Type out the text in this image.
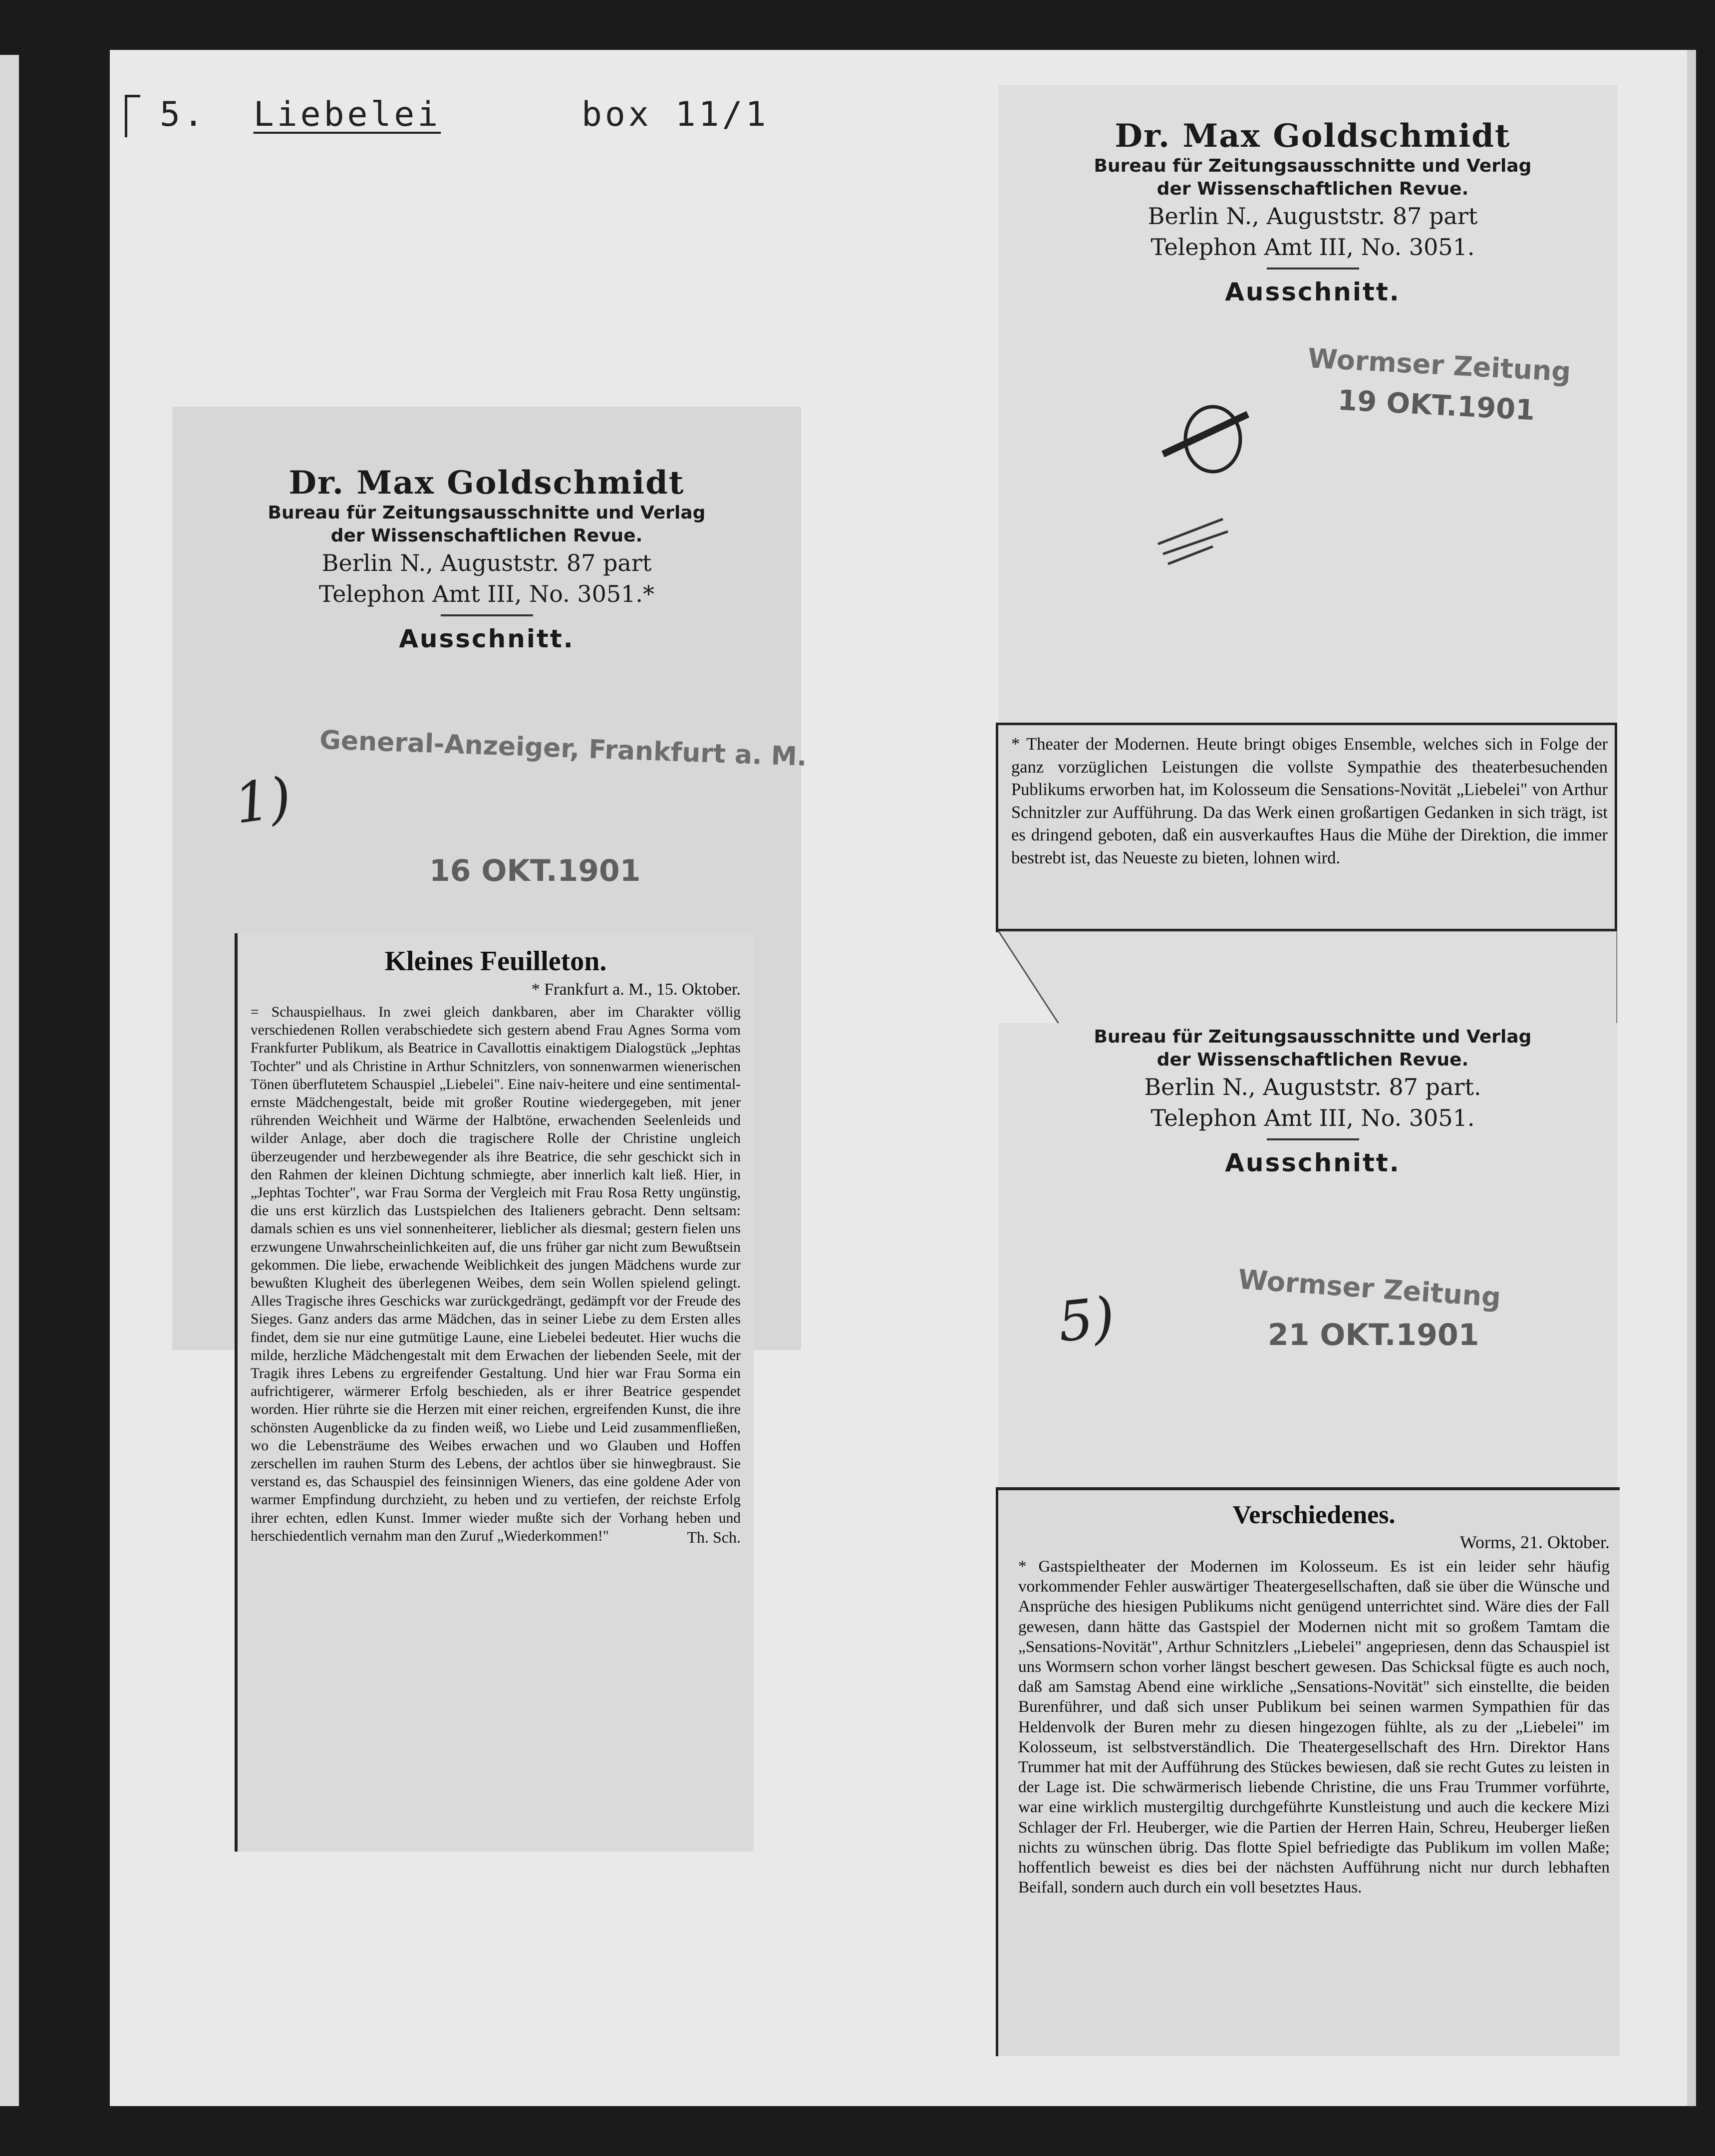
5. Liebelei	box 11/1
Dr. Max Goldschmidt
Bureau für Zeitungsausschnitte und Verlag
der Wissenschaftlichen Revue.
Berlin N., Auguststr. 87 part
Telephon Amt III, No. 3051.*
Ausschnitt.
General-Anzeiger, Frankfurt a. M.
16 OKT.1901
1)
Kleines Feuilleton.
* Frankfurt a. M., 15. Oktober.
= Schauspielhaus. In zwei gleich dankbaren, aber im Charakter völlig verschiedenen Rollen verabschiedete sich gestern abend Frau Agnes Sorma vom Frankfurter Publikum, als Beatrice in Cavallottis einaktigem Dialogstück „Jephtas Tochter" und als Christine in Arthur Schnitzlers, von sonnenwarmen wienerischen Tönen überflutetem Schauspiel „Liebelei". Eine naiv-heitere und eine sentimental-ernste Mädchengestalt, beide mit großer Routine wiedergegeben, mit jener rührenden Weichheit und Wärme der Halbtöne, erwachenden Seelenleids und wilder Anlage, aber doch die tragischere Rolle der Christine ungleich überzeugender und herzbewegender als ihre Beatrice, die sehr geschickt sich in den Rahmen der kleinen Dichtung schmiegte, aber innerlich kalt ließ. Hier, in „Jephtas Tochter", war Frau Sorma der Vergleich mit Frau Rosa Retty ungünstig, die uns erst kürzlich das Lustspielchen des Italieners gebracht. Denn seltsam: damals schien es uns viel sonnenheiterer, lieblicher als diesmal; gestern fielen uns erzwungene Unwahrscheinlichkeiten auf, die uns früher gar nicht zum Bewußtsein gekommen. Die liebe, erwachende Weiblichkeit des jungen Mädchens wurde zur bewußten Klugheit des überlegenen Weibes, dem sein Wollen spielend gelingt. Alles Tragische ihres Geschicks war zurückgedrängt, gedämpft vor der Freude des Sieges. Ganz anders das arme Mädchen, das in seiner Liebe zu dem Ersten alles findet, dem sie nur eine gutmütige Laune, eine Liebelei bedeutet. Hier wuchs die milde, herzliche Mädchengestalt mit dem Erwachen der liebenden Seele, mit der Tragik ihres Lebens zu ergreifender Gestaltung. Und hier war Frau Sorma ein aufrichtigerer, wärmerer Erfolg beschieden, als er ihrer Beatrice gespendet worden. Hier rührte sie die Herzen mit einer reichen, ergreifenden Kunst, die ihre schönsten Augenblicke da zu finden weiß, wo Liebe und Leid zusammenfließen, wo die Lebensträume des Weibes erwachen und wo Glauben und Hoffen zerschellen im rauhen Sturm des Lebens, der achtlos über sie hinwegbraust. Sie verstand es, das Schauspiel des feinsinnigen Wieners, das eine goldene Ader von warmer Empfindung durchzieht, zu heben und zu vertiefen, der reichste Erfolg ihrer echten, edlen Kunst. Immer wieder mußte sich der Vorhang heben und herschiedentlich vernahm man den Zuruf „Wiederkommen!"	Th. Sch.
Dr. Max Goldschmidt
Bureau für Zeitungsausschnitte und Verlag
der Wissenschaftlichen Revue.
Berlin N., Auguststr. 87 part
Telephon Amt III, No. 3051.
Ausschnitt.
Wormser Zeitung
19 OKT.1901
* Theater der Modernen. Heute bringt obiges Ensemble, welches sich in Folge der ganz vorzüglichen Leistungen die vollste Sympathie des theaterbesuchenden Publikums erworben hat, im Kolosseum die Sensations-Novität „Liebelei" von Arthur Schnitzler zur Aufführung. Da das Werk einen großartigen Gedanken in sich trägt, ist es dringend geboten, daß ein ausverkauftes Haus die Mühe der Direktion, die immer bestrebt ist, das Neueste zu bieten, lohnen wird.
Bureau für Zeitungsausschnitte und Verlag
der Wissenschaftlichen Revue.
Berlin N., Auguststr. 87 part.
Telephon Amt III, No. 3051.
Ausschnitt.
Wormser Zeitung
21 OKT.1901
5)
Verschiedenes.
Worms, 21. Oktober.
* Gastspieltheater der Modernen im Kolosseum. Es ist ein leider sehr häufig vorkommender Fehler auswärtiger Theatergesellschaften, daß sie über die Wünsche und Ansprüche des hiesigen Publikums nicht genügend unterrichtet sind. Wäre dies der Fall gewesen, dann hätte das Gastspiel der Modernen nicht mit so großem Tamtam die „Sensations-Novität", Arthur Schnitzlers „Liebelei" angepriesen, denn das Schauspiel ist uns Wormsern schon vorher längst beschert gewesen. Das Schicksal fügte es auch noch, daß am Samstag Abend eine wirkliche „Sensations-Novität" sich einstellte, die beiden Burenführer, und daß sich unser Publikum bei seinen warmen Sympathien für das Heldenvolk der Buren mehr zu diesen hingezogen fühlte, als zu der „Liebelei" im Kolosseum, ist selbstverständlich. Die Theatergesellschaft des Hrn. Direktor Hans Trummer hat mit der Aufführung des Stückes bewiesen, daß sie recht Gutes zu leisten in der Lage ist. Die schwärmerisch liebende Christine, die uns Frau Trummer vorführte, war eine wirklich mustergiltig durchgeführte Kunstleistung und auch die keckere Mizi Schlager der Frl. Heuberger, wie die Partien der Herren Hain, Schreu, Heuberger ließen nichts zu wünschen übrig. Das flotte Spiel befriedigte das Publikum im vollen Maße; hoffentlich beweist es dies bei der nächsten Aufführung nicht nur durch lebhaften Beifall, sondern auch durch ein voll besetztes Haus.
